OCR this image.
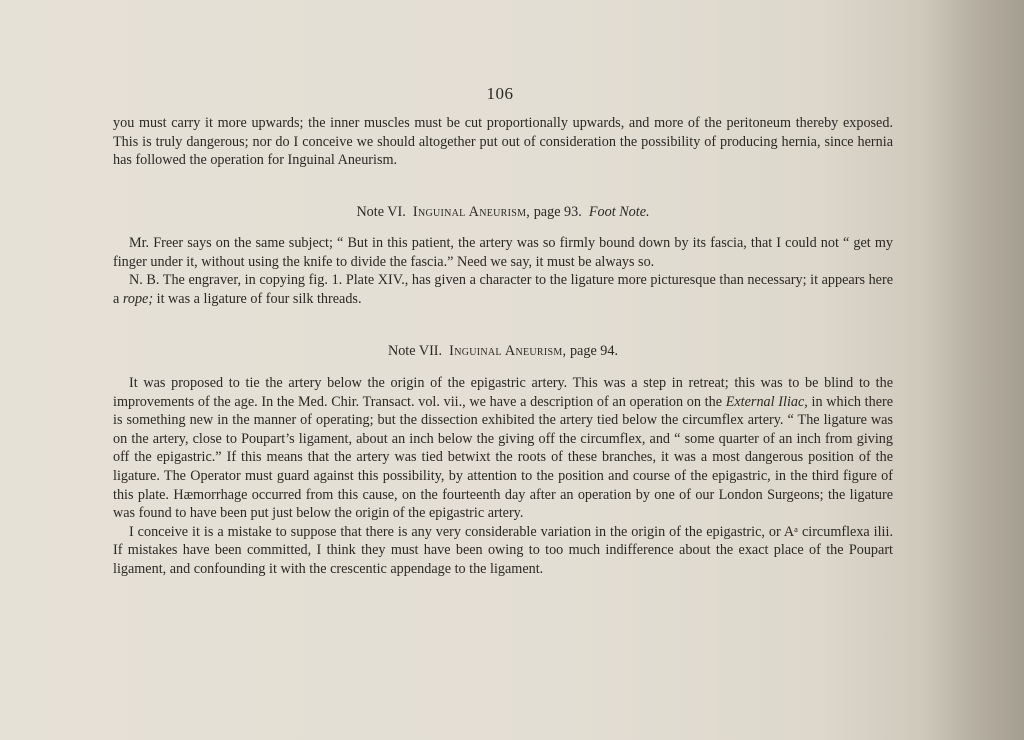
106

you must carry it more upwards; the inner muscles must be cut proportionally upwards, and more of the peritoneum thereby exposed. This is truly dangerous; nor do I conceive we should altogether put out of consideration the possibility of producing hernia, since hernia has followed the operation for Inguinal Aneurism.

Note VI. Inguinal Aneurism, page 93. Foot Note.

Mr. Freer says on the same subject; “ But in this patient, the artery was so firmly bound down by its fascia, that I could not “ get my finger under it, without using the knife to divide the fascia.” Need we say, it must be always so.

N. B. The engraver, in copying fig. 1. Plate XIV., has given a character to the ligature more picturesque than necessary; it appears here a rope; it was a ligature of four silk threads.

Note VII. Inguinal Aneurism, page 94.

It was proposed to tie the artery below the origin of the epigastric artery. This was a step in retreat; this was to be blind to the improvements of the age. In the Med. Chir. Transact. vol. vii., we have a description of an operation on the External Iliac, in which there is something new in the manner of operating; but the dissection exhibited the artery tied below the circumflex artery. “ The ligature was on the artery, close to Poupart’s ligament, about an inch below the giving off the circumflex, and “ some quarter of an inch from giving off the epigastric.” If this means that the artery was tied betwixt the roots of these branches, it was a most dangerous position of the ligature. The Operator must guard against this possibility, by attention to the position and course of the epigastric, in the third figure of this plate. Hæmorrhage occurred from this cause, on the fourteenth day after an operation by one of our London Surgeons; the ligature was found to have been put just below the origin of the epigastric artery.

I conceive it is a mistake to suppose that there is any very considerable variation in the origin of the epigastric, or Aᵃ circumflexa ilii. If mistakes have been committed, I think they must have been owing to too much indifference about the exact place of the Poupart ligament, and confounding it with the crescentic appendage to the ligament.
